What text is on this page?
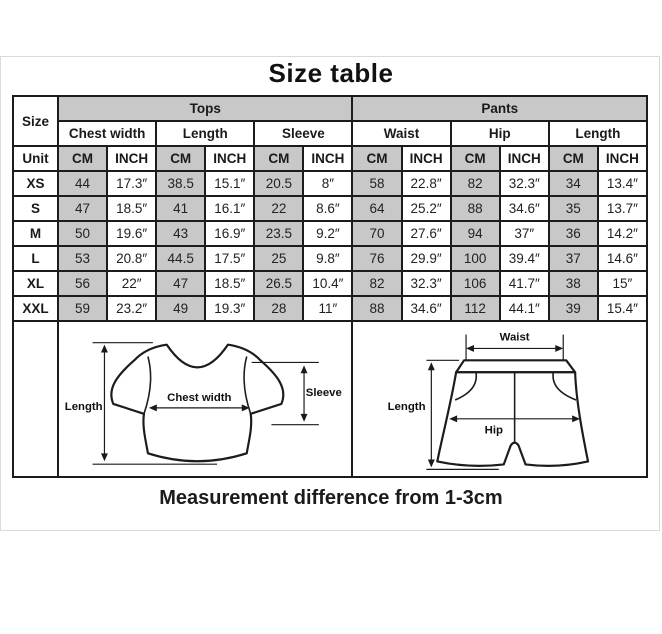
Size table
Size	Tops						Pants					
	Chest width		Length		Sleeve		Waist		Hip		Length	
Unit	CM	INCH	CM	INCH	CM	INCH	CM	INCH	CM	INCH	CM	INCH
XS	44	17.3″	38.5	15.1″	20.5	8″	58	22.8″	82	32.3″	34	13.4″
S	47	18.5″	41	16.1″	22	8.6″	64	25.2″	88	34.6″	35	13.7″
M	50	19.6″	43	16.9″	23.5	9.2″	70	27.6″	94	37″	36	14.2″
L	53	20.8″	44.5	17.5″	25	9.8″	76	29.9″	100	39.4″	37	14.6″
XL	56	22″	47	18.5″	26.5	10.4″	82	32.3″	106	41.7″	38	15″
XXL	59	23.2″	49	19.3″	28	11″	88	34.6″	112	44.1″	39	15.4″

Length
Chest width Sleeve						Waist
Length
Hip					
Measurement difference from 1-3cm
